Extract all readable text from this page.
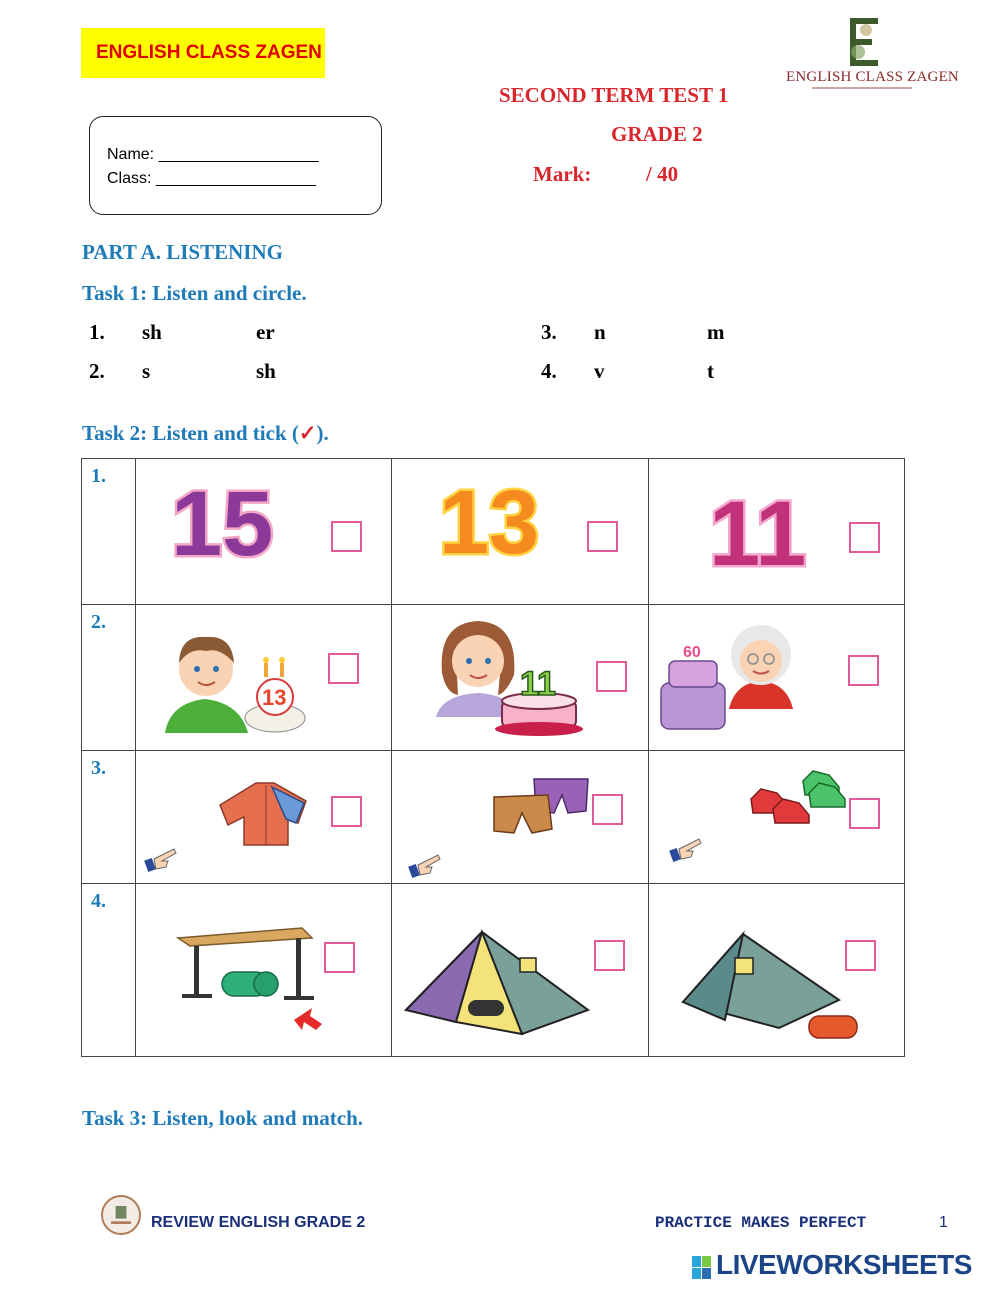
ENGLISH CLASS ZAGEN
ENGLISH CLASS ZAGEN
SECOND TERM TEST 1
GRADE 2
Mark:	/ 40
Name: __________________
Class: __________________
PART A. LISTENING
Task 1: Listen and circle.
1. sh	er
2. s	sh
3. n	m
4. v	t
Task 2: Listen and tick (✓).
1.	15	13	11

2.	13	11	60

3.

4.

Task 3: Listen, look and match.
REVIEW ENGLISH GRADE 2	PRACTICE MAKES PERFECT	1
LIVEWORKSHEETS
